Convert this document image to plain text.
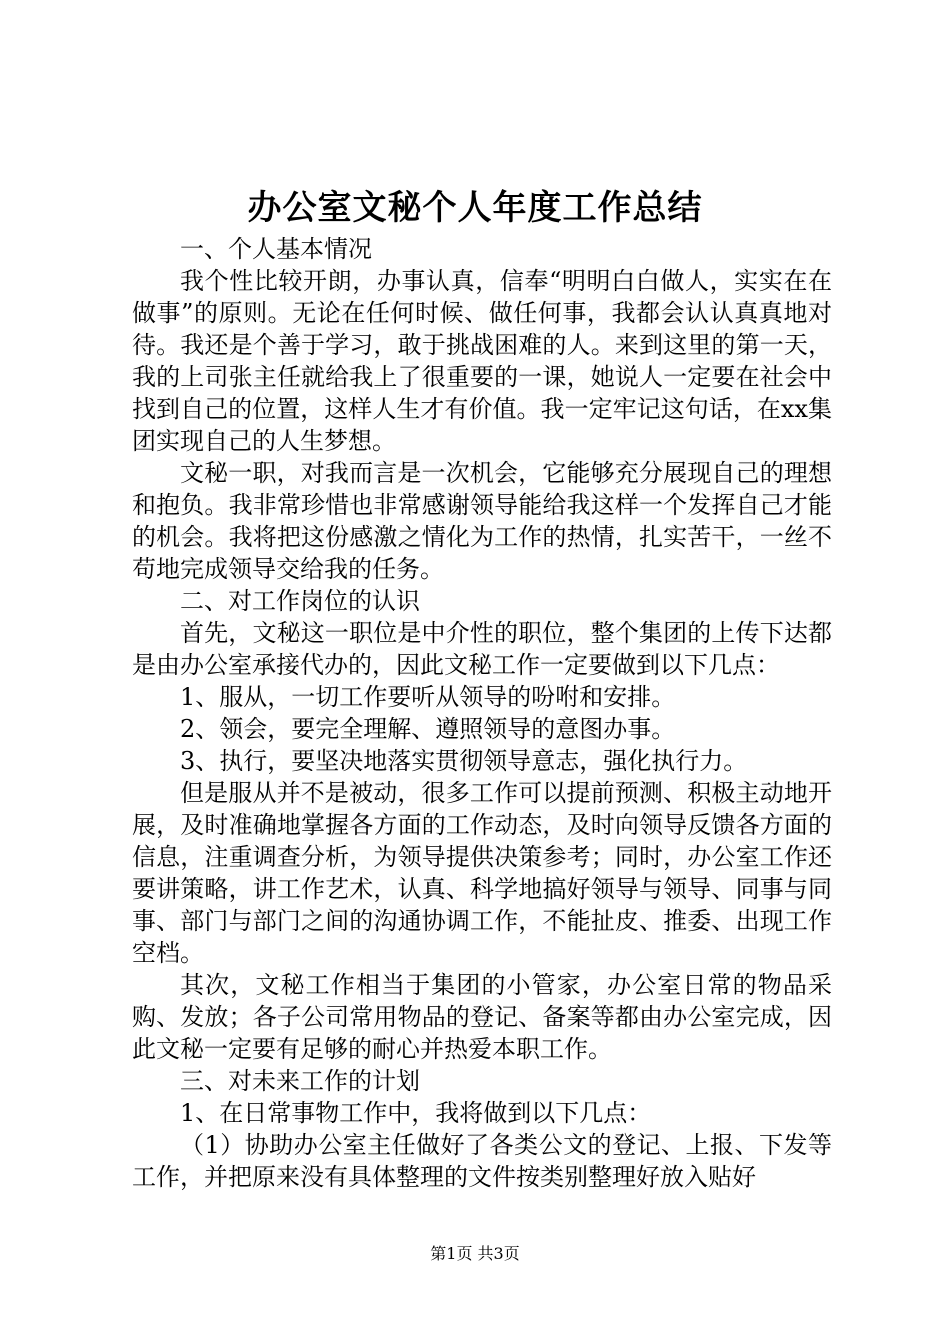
办公室文秘个人年度工作总结

一、个人基本情况

我个性比较开朗，办事认真，信奉“明明白白做人，实实在在做事”的原则。无论在任何时候、做任何事，我都会认认真真地对待。我还是个善于学习，敢于挑战困难的人。来到这里的第一天，我的上司张主任就给我上了很重要的一课，她说人一定要在社会中找到自己的位置，这样人生才有价值。我一定牢记这句话，在xx集团实现自己的人生梦想。

文秘一职，对我而言是一次机会，它能够充分展现自己的理想和抱负。我非常珍惜也非常感谢领导能给我这样一个发挥自己才能的机会。我将把这份感激之情化为工作的热情，扎实苦干，一丝不苟地完成领导交给我的任务。

二、对工作岗位的认识

首先，文秘这一职位是中介性的职位，整个集团的上传下达都是由办公室承接代办的，因此文秘工作一定要做到以下几点：

1、服从，一切工作要听从领导的吩咐和安排。

2、领会，要完全理解、遵照领导的意图办事。

3、执行，要坚决地落实贯彻领导意志，强化执行力。

但是服从并不是被动，很多工作可以提前预测、积极主动地开展，及时准确地掌握各方面的工作动态，及时向领导反馈各方面的信息，注重调查分析，为领导提供决策参考；同时，办公室工作还要讲策略，讲工作艺术，认真、科学地搞好领导与领导、同事与同事、部门与部门之间的沟通协调工作，不能扯皮、推委、出现工作空档。

其次，文秘工作相当于集团的小管家，办公室日常的物品采购、发放；各子公司常用物品的登记、备案等都由办公室完成，因此文秘一定要有足够的耐心并热爱本职工作。

三、对未来工作的计划

1、在日常事物工作中，我将做到以下几点：

（1）协助办公室主任做好了各类公文的登记、上报、下发等工作，并把原来没有具体整理的文件按类别整理好放入贴好

第1页 共3页
